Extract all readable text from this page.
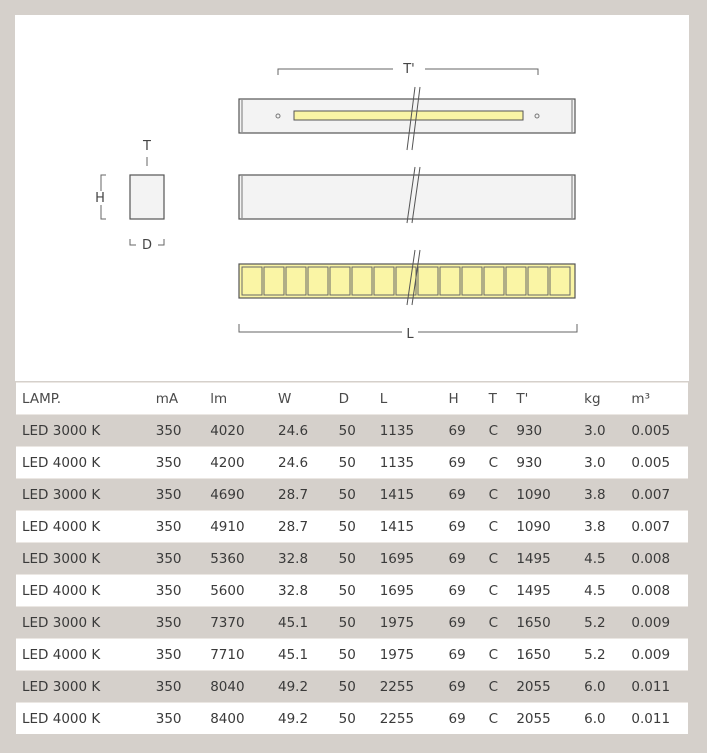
T'
L
T
H
D
LAMP.	mA	lm	W	D	L	H	T	T'	kg	m³
LED 3000 K	350	4020	24.6	50	1135	69	C	930	3.0	0.005
LED 4000 K	350	4200	24.6	50	1135	69	C	930	3.0	0.005
LED 3000 K	350	4690	28.7	50	1415	69	C	1090	3.8	0.007
LED 4000 K	350	4910	28.7	50	1415	69	C	1090	3.8	0.007
LED 3000 K	350	5360	32.8	50	1695	69	C	1495	4.5	0.008
LED 4000 K	350	5600	32.8	50	1695	69	C	1495	4.5	0.008
LED 3000 K	350	7370	45.1	50	1975	69	C	1650	5.2	0.009
LED 4000 K	350	7710	45.1	50	1975	69	C	1650	5.2	0.009
LED 3000 K	350	8040	49.2	50	2255	69	C	2055	6.0	0.011
LED 4000 K	350	8400	49.2	50	2255	69	C	2055	6.0	0.011
